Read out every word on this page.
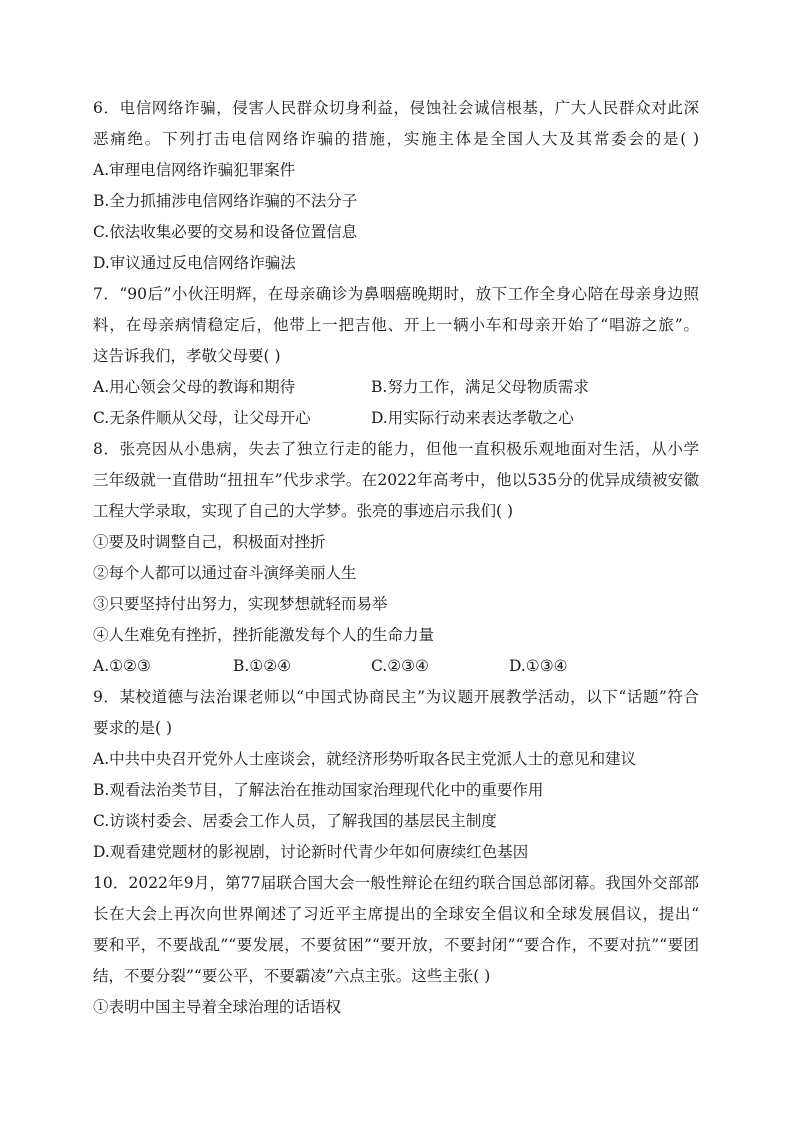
6．电信网络诈骗，侵害人民群众切身利益，侵蚀社会诚信根基，广大人民群众对此深
恶痛绝。下列打击电信网络诈骗的措施，实施主体是全国人大及其常委会的是( )
A.审理电信网络诈骗犯罪案件
B.全力抓捕涉电信网络诈骗的不法分子
C.依法收集必要的交易和设备位置信息
D.审议通过反电信网络诈骗法
7．“90后”小伙汪明辉，在母亲确诊为鼻咽癌晚期时，放下工作全身心陪在母亲身边照
料，在母亲病情稳定后，他带上一把吉他、开上一辆小车和母亲开始了“唱游之旅”。
这告诉我们，孝敬父母要( )
A.用心领会父母的教诲和期待	B.努力工作，满足父母物质需求
C.无条件顺从父母，让父母开心	D.用实际行动来表达孝敬之心
8．张亮因从小患病，失去了独立行走的能力，但他一直积极乐观地面对生活，从小学
三年级就一直借助“扭扭车”代步求学。在2022年高考中，他以535分的优异成绩被安徽
工程大学录取，实现了自己的大学梦。张亮的事迹启示我们( )
①要及时调整自己，积极面对挫折
②每个人都可以通过奋斗演绎美丽人生
③只要坚持付出努力，实现梦想就轻而易举
④人生难免有挫折，挫折能激发每个人的生命力量
A.①②③	B.①②④	C.②③④	D.①③④
9．某校道德与法治课老师以“中国式协商民主”为议题开展教学活动，以下“话题”符合
要求的是( )
A.中共中央召开党外人士座谈会，就经济形势听取各民主党派人士的意见和建议
B.观看法治类节目，了解法治在推动国家治理现代化中的重要作用
C.访谈村委会、居委会工作人员，了解我国的基层民主制度
D.观看建党题材的影视剧，讨论新时代青少年如何赓续红色基因
10．2022年9月，第77届联合国大会一般性辩论在纽约联合国总部闭幕。我国外交部部
长在大会上再次向世界阐述了习近平主席提出的全球安全倡议和全球发展倡议，提出“
要和平，不要战乱”“要发展，不要贫困”“要开放，不要封闭”“要合作，不要对抗”“要团
结，不要分裂”“要公平，不要霸凌”六点主张。这些主张( )
①表明中国主导着全球治理的话语权
